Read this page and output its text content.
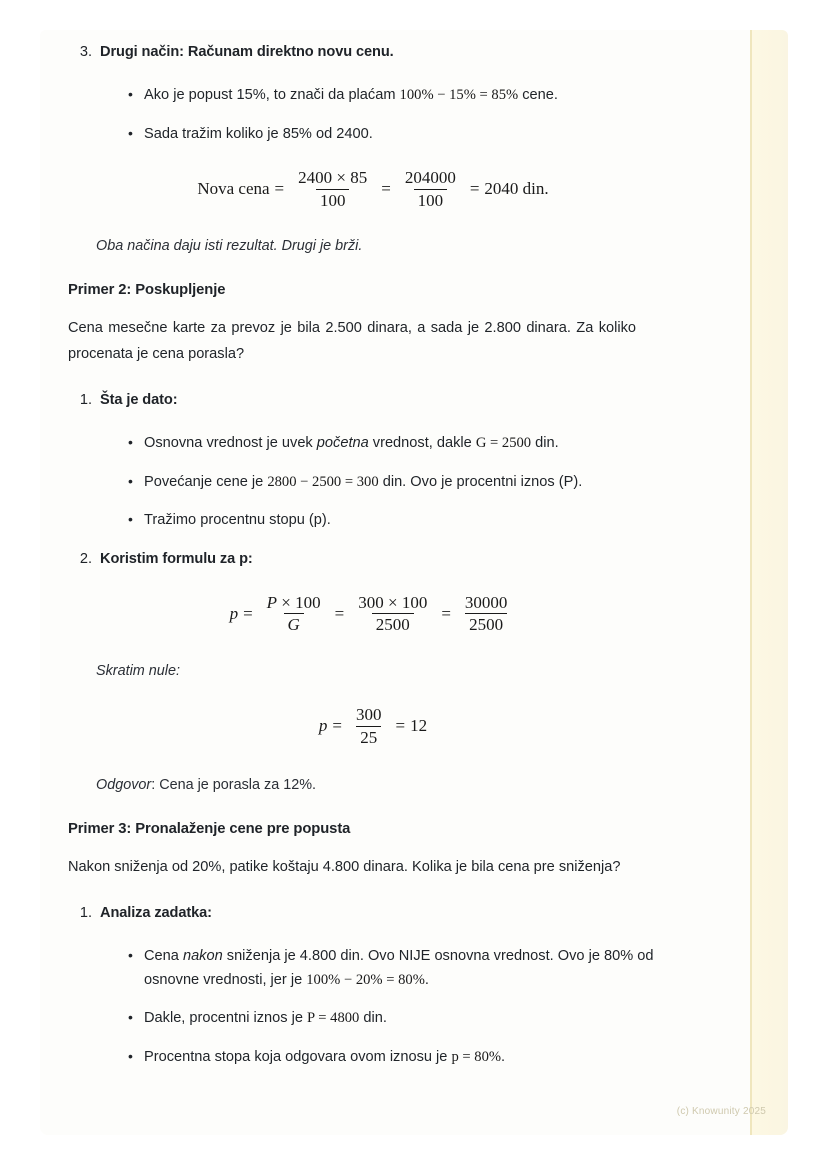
3. Drugi način: Računam direktno novu cenu.
• Ako je popust 15%, to znači da plaćam 100% − 15% = 85% cene.
• Sada tražim koliko je 85% od 2400.
Nova cena = $\frac{2400 \times 85}{100} = \frac{204000}{100} = 2040$ din.
Oba načina daju isti rezultat. Drugi je brži.
Primer 2: Poskupljenje

Cena mesečne karte za prevoz je bila 2.500 dinara, a sada je 2.800 dinara. Za koliko procenata je cena porasla?

1. Šta je dato:
• Osnovna vrednost je uvek početna vrednost, dakle G = 2500 din.
• Povećanje cene je 2800 − 2500 = 300 din. Ovo je procentni iznos (P).
• Tražimo procentnu stopu (p).
2. Koristim formulu za p:
$p = \frac{P \times 100}{G} = \frac{300 \times 100}{2500} = \frac{30000}{2500}$
Skratim nule:
$p = \frac{300}{25} = 12$
Odgovor: Cena je porasla za 12%.
Primer 3: Pronalaženje cene pre popusta

Nakon sniženja od 20%, patike koštaju 4.800 dinara. Kolika je bila cena pre sniženja?

1. Analiza zadatka:
• Cena nakon sniženja je 4.800 din. Ovo NIJE osnovna vrednost. Ovo je 80% od osnovne vrednosti, jer je 100% − 20% = 80%.
• Dakle, procentni iznos je P = 4800 din.
• Procentna stopa koja odgovara ovom iznosu je p = 80%.
(c) Knowunity 2025
